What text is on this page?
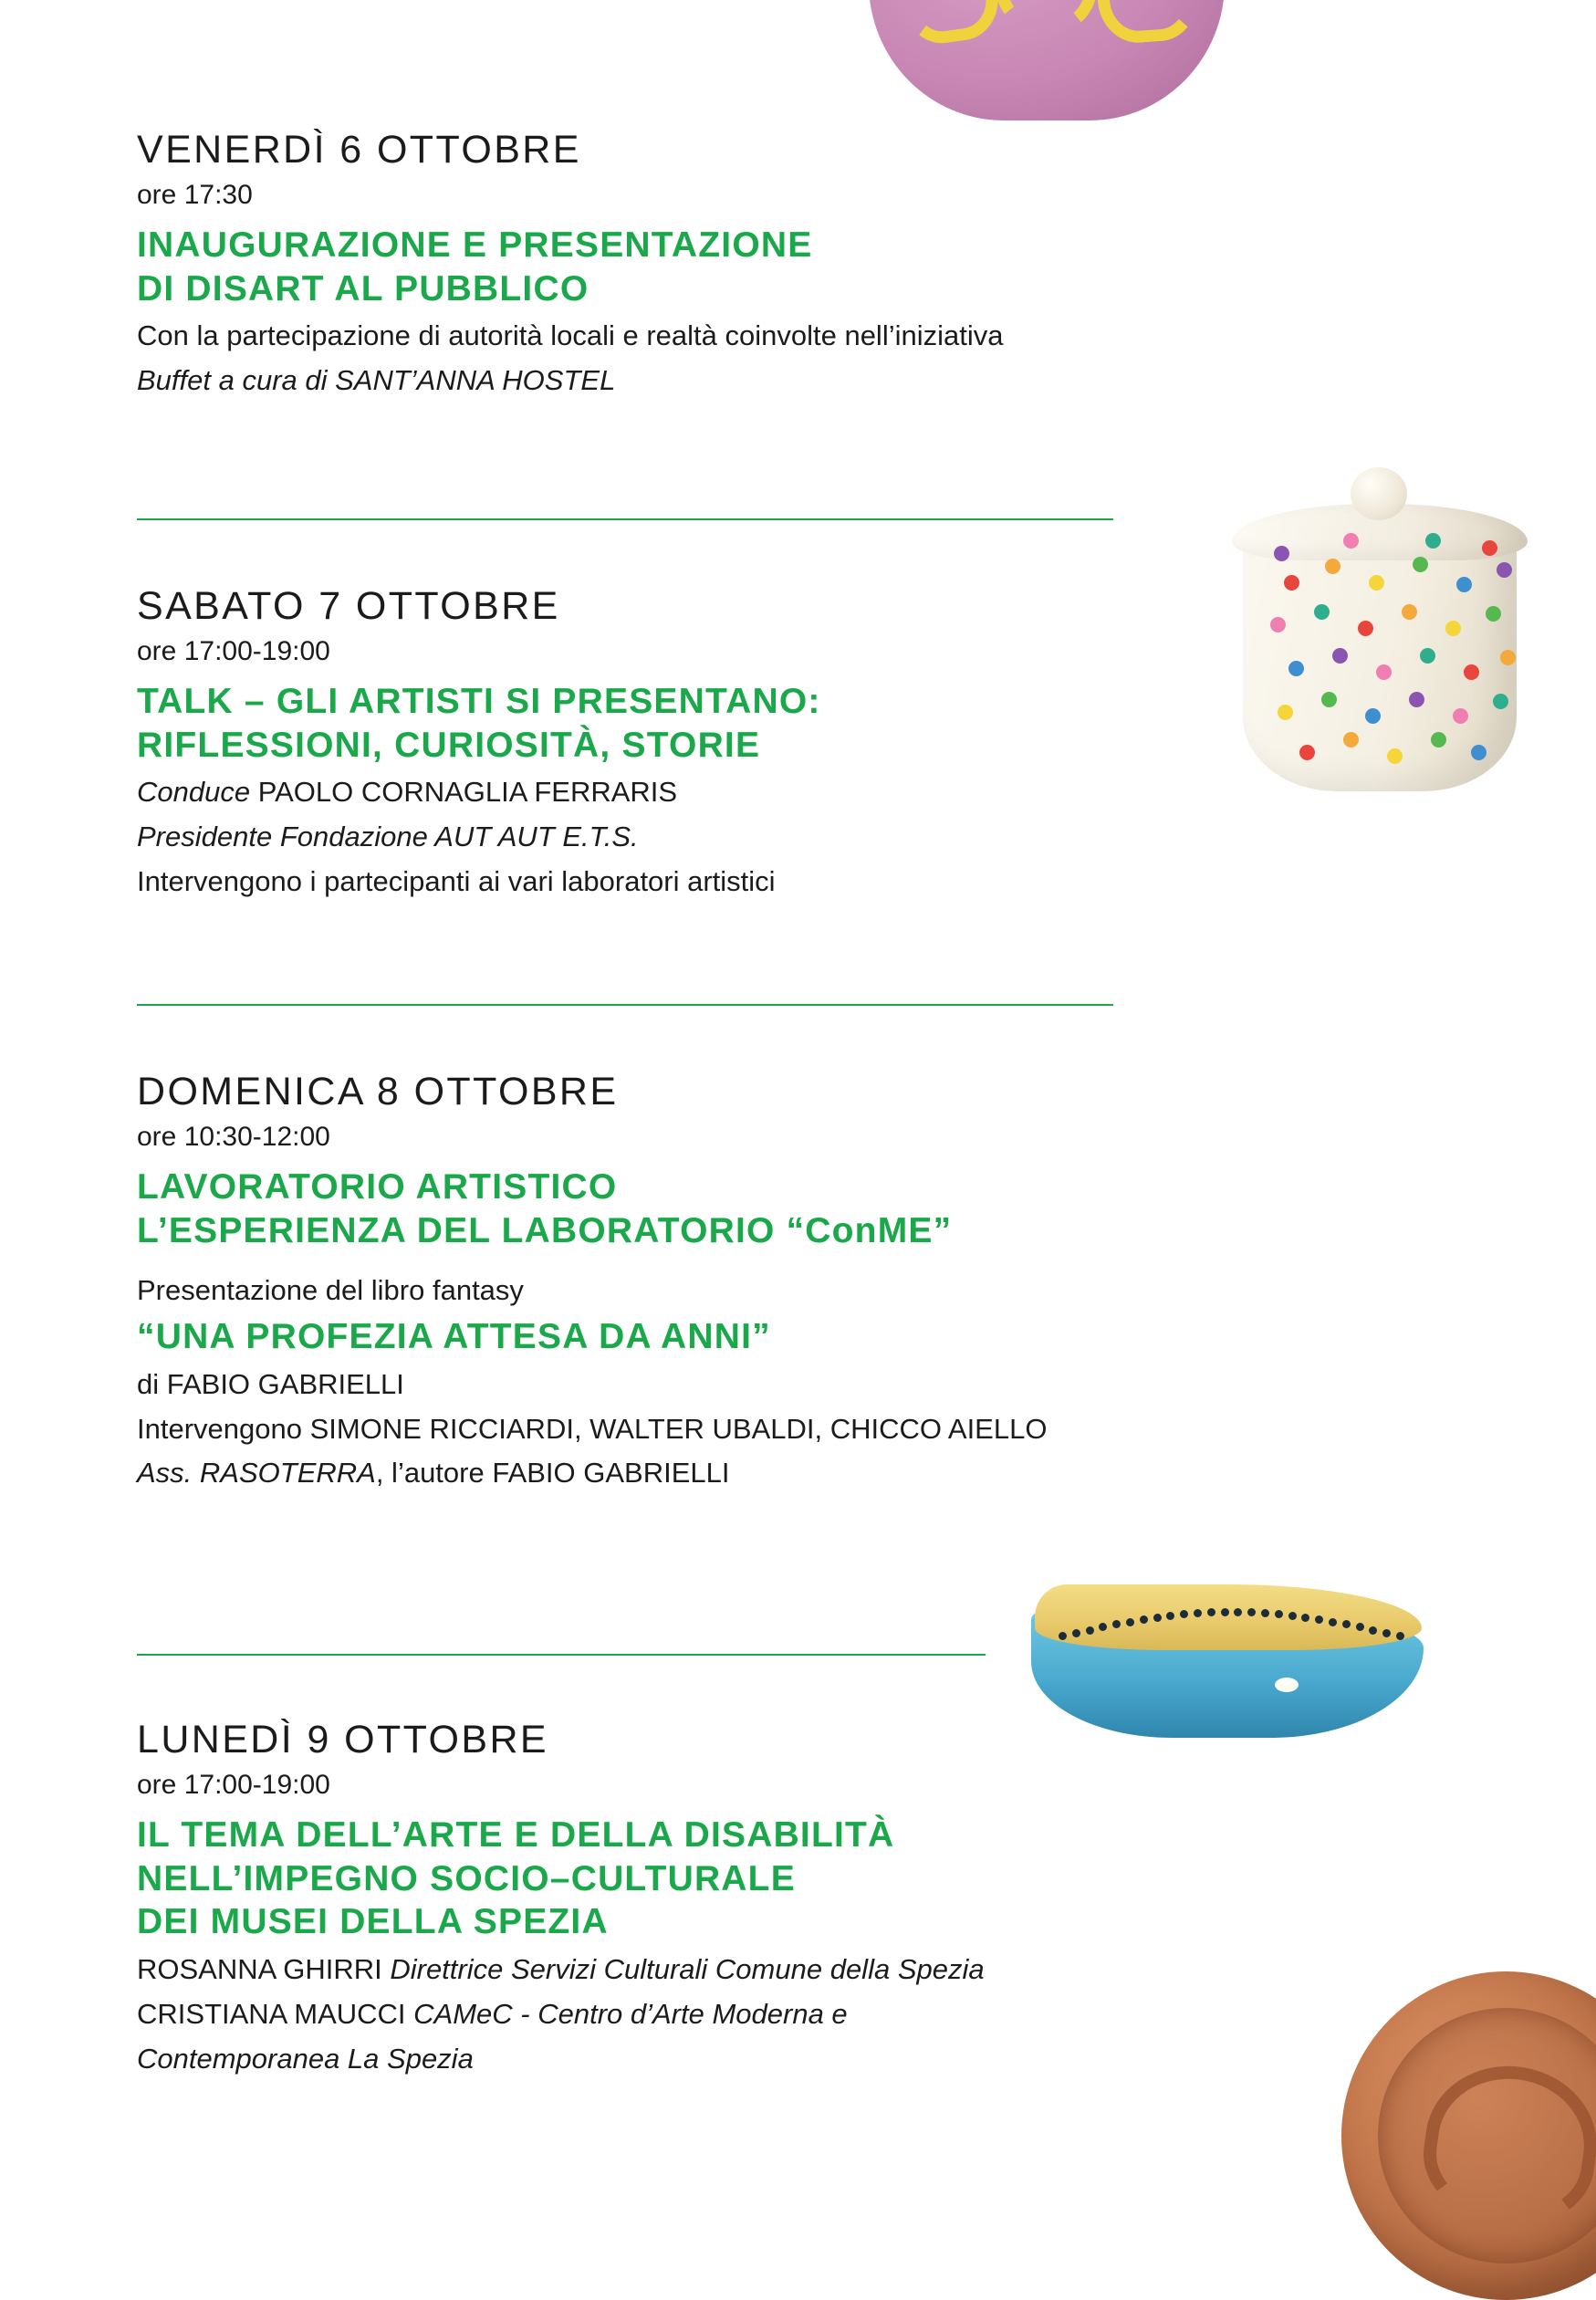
VENERDÌ 6 OTTOBRE
ore 17:30
INAUGURAZIONE E PRESENTAZIONE
DI DISART AL PUBBLICO
Con la partecipazione di autorità locali e realtà coinvolte nell’iniziativa
Buffet a cura di SANT’ANNA HOSTEL
SABATO 7 OTTOBRE
ore 17:00-19:00
TALK – GLI ARTISTI SI PRESENTANO:
RIFLESSIONI, CURIOSITÀ, STORIE
Conduce PAOLO CORNAGLIA FERRARIS
Presidente Fondazione AUT AUT E.T.S.
Intervengono i partecipanti ai vari laboratori artistici
DOMENICA 8 OTTOBRE
ore 10:30-12:00
LAVORATORIO ARTISTICO
L’ESPERIENZA DEL LABORATORIO “ConME”
Presentazione del libro fantasy
“UNA PROFEZIA ATTESA DA ANNI”
di FABIO GABRIELLI
Intervengono SIMONE RICCIARDI, WALTER UBALDI, CHICCO AIELLO
Ass. RASOTERRA, l’autore FABIO GABRIELLI
LUNEDÌ 9 OTTOBRE
ore 17:00-19:00
IL TEMA DELL’ARTE E DELLA DISABILITÀ
NELL’IMPEGNO SOCIO–CULTURALE
DEI MUSEI DELLA SPEZIA
ROSANNA GHIRRI Direttrice Servizi Culturali Comune della Spezia
CRISTIANA MAUCCI CAMeC - Centro d’Arte Moderna e
Contemporanea La Spezia
